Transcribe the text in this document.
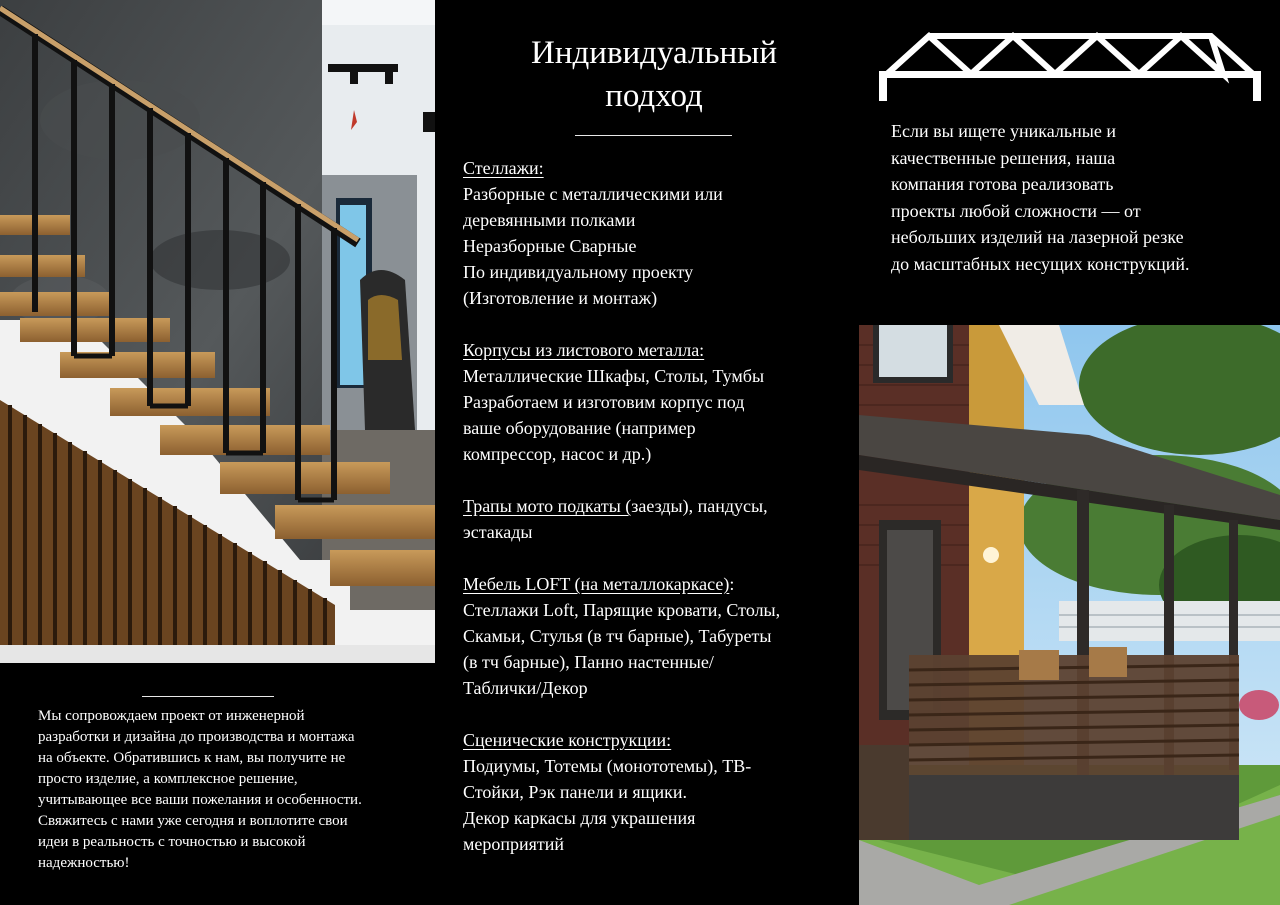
Индивидуальный
подход
Стеллажи:
Разборные с металлическими или
деревянными полками
Неразборные Сварные
По индивидуальному проекту
(Изготовление и монтаж)
Корпусы из листового металла:
Металлические Шкафы, Столы, Тумбы
Разработаем и изготовим корпус под
ваше оборудование (например
компрессор, насос и др.)
Трапы мото подкаты (заезды), пандусы,
эстакады
Мебель LOFT (на металлокаркасе):
Стеллажи Loft, Парящие кровати, Столы,
Скамьи, Стулья (в тч барные), Табуреты
(в тч барные), Панно настенные/
Таблички/Декор
Сценические конструкции:
Подиумы, Тотемы (монототемы), ТВ-
Стойки, Рэк панели и ящики.
Декор каркасы для украшения
мероприятий
Если вы ищете уникальные и
качественные решения, наша
компания готова реализовать
проекты любой сложности — от
небольших изделий на лазерной резке
до масштабных несущих конструкций.
Мы сопровождаем проект от инженерной
разработки и дизайна до производства и монтажа
на объекте. Обратившись к нам, вы получите не
просто изделие, а комплексное решение,
учитывающее все ваши пожелания и особенности.
Свяжитесь с нами уже сегодня и воплотите свои
идеи в реальность с точностью и высокой
надежностью!
